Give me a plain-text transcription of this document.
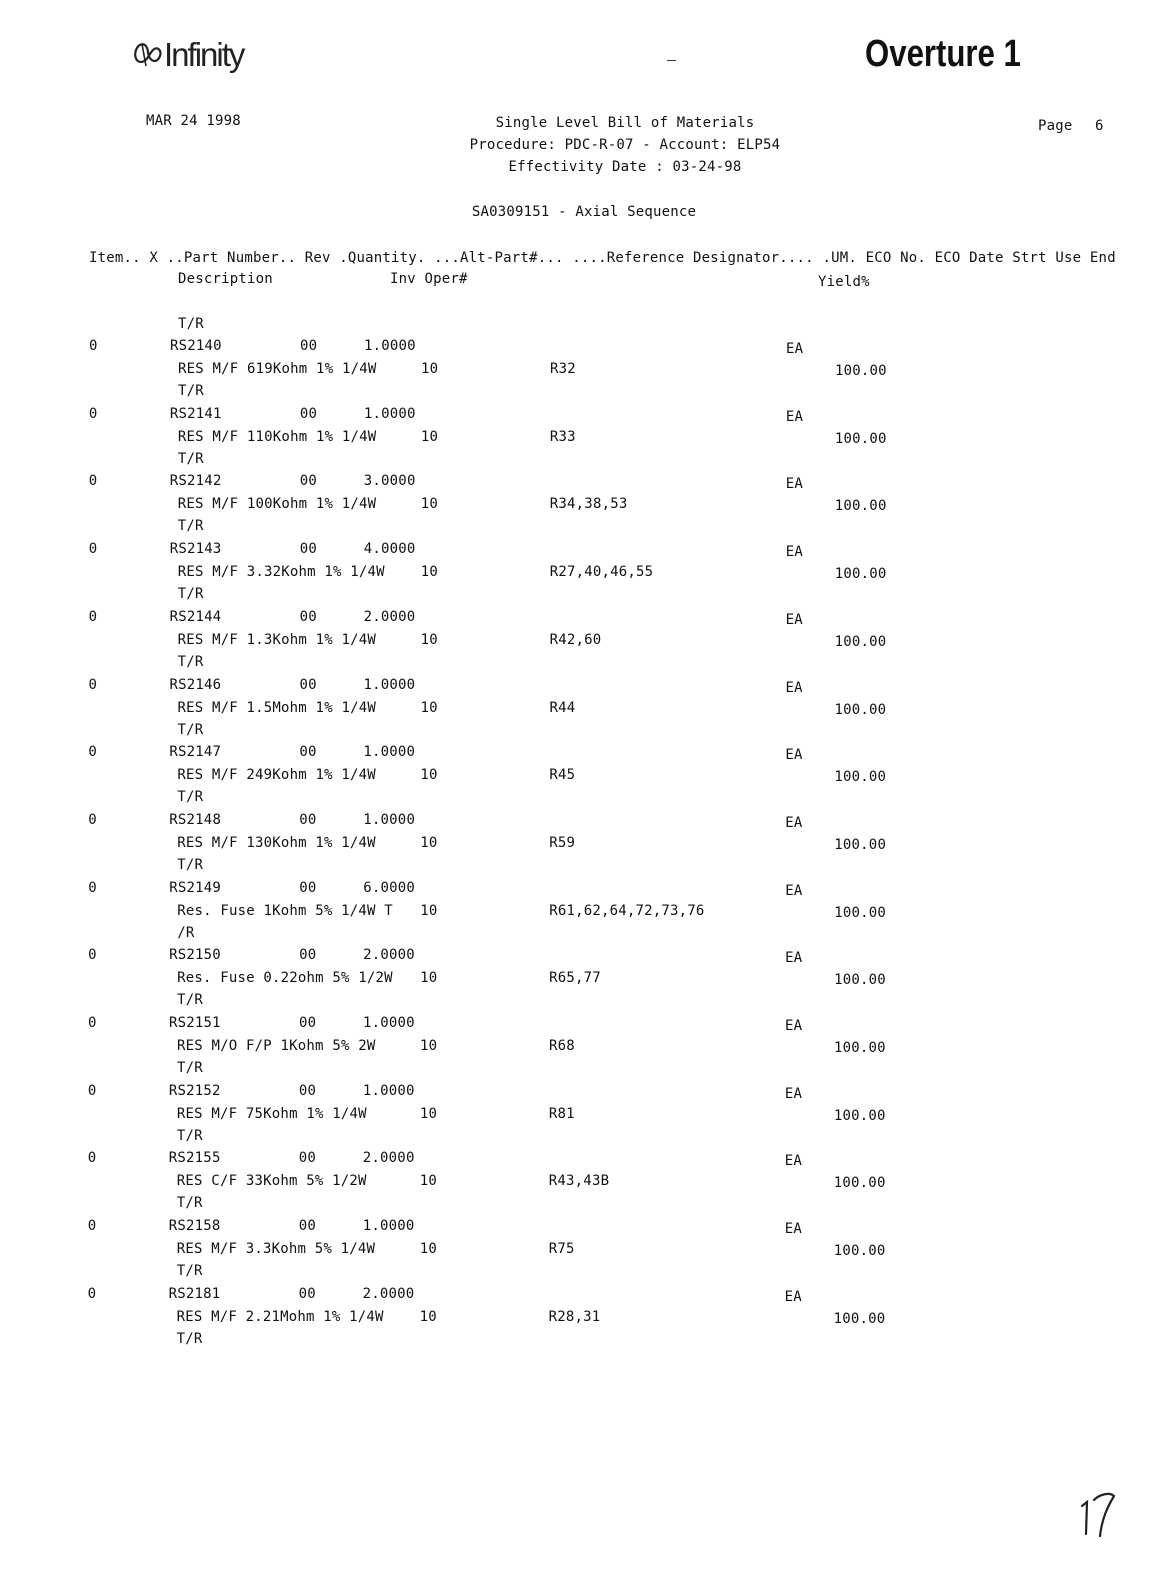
Infinity	Overture 1
MAR 24 1998	Single Level Bill of Materials
Procedure: PDC-R-07 - Account: ELP54
Effectivity Date : 03-24-98
Page 6
SA0309151 - Axial Sequence
Item.. X ..Part Number.. Rev .Quantity. ...Alt-Part#... ....Reference Designator.... .UM. ECO No. ECO Date Strt Use End
Description	Inv Oper#	Yield%
T/R
0	RS2140	00	1.0000	EA
RES M/F 619Kohm 1% 1/4W	10	R32	100.00
T/R
0	RS2141	00	1.0000	EA
RES M/F 110Kohm 1% 1/4W	10	R33	100.00
T/R
0	RS2142	00	3.0000	EA
RES M/F 100Kohm 1% 1/4W	10	R34,38,53	100.00
T/R
0	RS2143	00	4.0000	EA
RES M/F 3.32Kohm 1% 1/4W	10	R27,40,46,55	100.00
T/R
0	RS2144	00	2.0000	EA
RES M/F 1.3Kohm 1% 1/4W	10	R42,60	100.00
T/R
0	RS2146	00	1.0000	EA
RES M/F 1.5Mohm 1% 1/4W	10	R44	100.00
T/R
0	RS2147	00	1.0000	EA
RES M/F 249Kohm 1% 1/4W	10	R45	100.00
T/R
0	RS2148	00	1.0000	EA
RES M/F 130Kohm 1% 1/4W	10	R59	100.00
T/R
0	RS2149	00	6.0000	EA
Res. Fuse 1Kohm 5% 1/4W T 10	R61,62,64,72,73,76	100.00
/R
0	RS2150	00	2.0000	EA
Res. Fuse 0.22ohm 5% 1/2W 10	R65,77	100.00
T/R
0	RS2151	00	1.0000	EA
RES M/O F/P 1Kohm 5% 2W	10	R68	100.00
T/R
0	RS2152	00	1.0000	EA
RES M/F 75Kohm 1% 1/4W	10	R81	100.00
T/R
0	RS2155	00	2.0000	EA
RES C/F 33Kohm 5% 1/2W	10	R43,43B	100.00
T/R
0	RS2158	00	1.0000	EA
RES M/F 3.3Kohm 5% 1/4W	10	R75	100.00
T/R
0	RS2181	00	2.0000	EA
RES M/F 2.21Mohm 1% 1/4W	10	R28,31	100.00
T/R
